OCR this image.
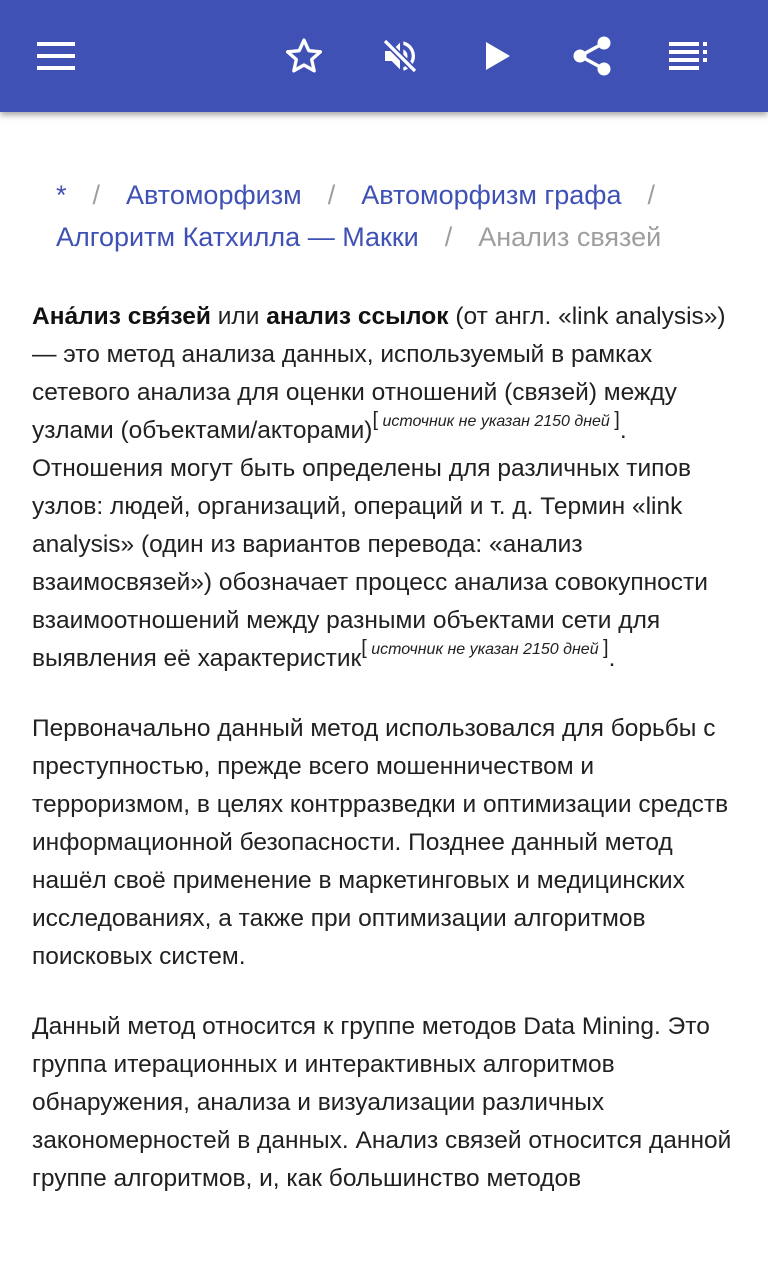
* / Автоморфизм / Автоморфизм графа /
Алгоритм Катхилла — Макки / Анализ связей

Ана́лиз свя́зей или анализ ссылок (от англ. «link analysis») — это метод анализа данных, используемый в рамках сетевого анализа для оценки отношений (связей) между узлами (объектами/акторами)[ источник не указан 2150 дней ]. Отношения могут быть определены для различных типов узлов: людей, организаций, операций и т. д. Термин «link analysis» (один из вариантов перевода: «анализ взаимосвязей») обозначает процесс анализа совокупности взаимоотношений между разными объектами сети для выявления её характеристик[ источник не указан 2150 дней ].

Первоначально данный метод использовался для борьбы с преступностью, прежде всего мошенничеством и терроризмом, в целях контрразведки и оптимизации средств информационной безопасности. Позднее данный метод нашёл своё применение в маркетинговых и медицинских исследованиях, а также при оптимизации алгоритмов поисковых систем.

Данный метод относится к группе методов Data Mining. Это группа итерационных и интерактивных алгоритмов обнаружения, анализа и визуализации различных закономерностей в данных. Анализ связей относится данной группе алгоритмов, и, как большинство методов
